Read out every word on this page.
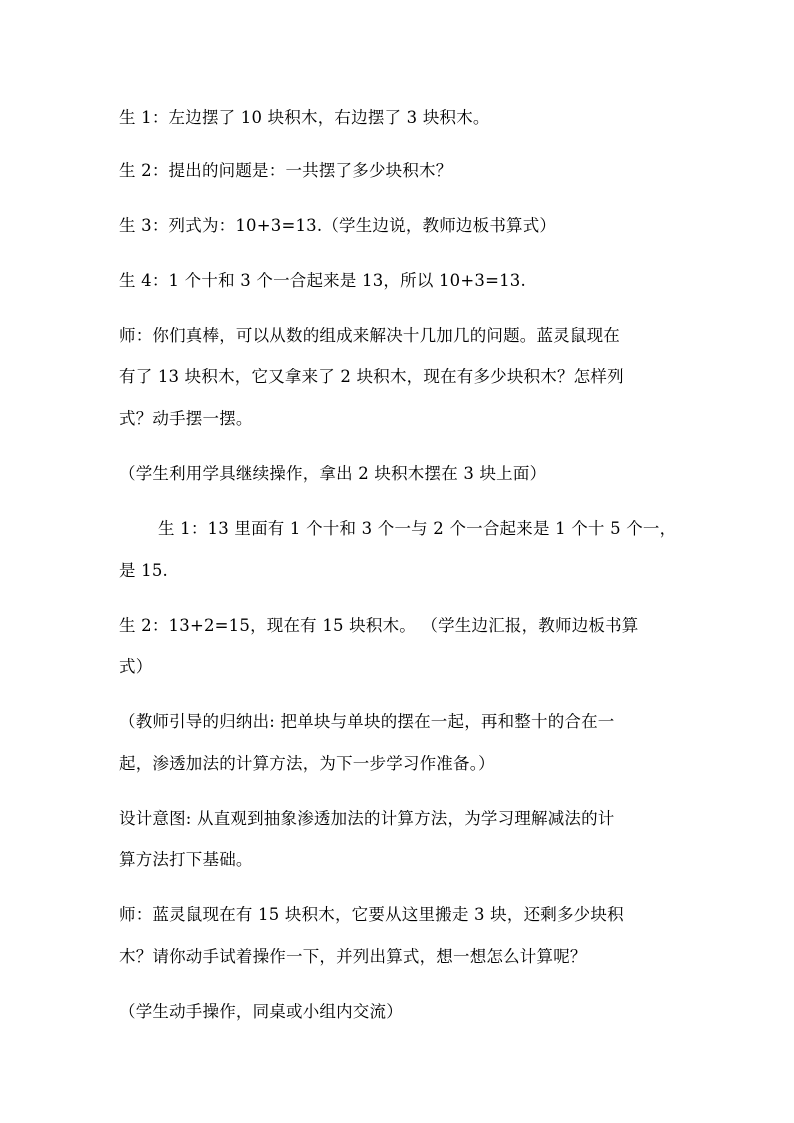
生 1：左边摆了 10 块积木，右边摆了 3 块积木。
生 2：提出的问题是：一共摆了多少块积木？
生 3：列式为：10+3=13.（学生边说，教师边板书算式）
生 4：1 个十和 3 个一合起来是 13，所以 10+3=13.
师：你们真棒，可以从数的组成来解决十几加几的问题。蓝灵鼠现在
有了 13 块积木，它又拿来了 2 块积木，现在有多少块积木？怎样列
式？动手摆一摆。
（学生利用学具继续操作，拿出 2 块积木摆在 3 块上面）
生 1：13 里面有 1 个十和 3 个一与 2 个一合起来是 1 个十 5 个一，
是 15.
生 2：13+2=15，现在有 15 块积木。 （学生边汇报，教师边板书算
式）
（教师引导的归纳出: 把单块与单块的摆在一起，再和整十的合在一
起，渗透加法的计算方法，为下一步学习作准备。）
设计意图: 从直观到抽象渗透加法的计算方法，为学习理解减法的计
算方法打下基础。
师：蓝灵鼠现在有 15 块积木，它要从这里搬走 3 块，还剩多少块积
木？请你动手试着操作一下，并列出算式，想一想怎么计算呢？
（学生动手操作，同桌或小组内交流）
